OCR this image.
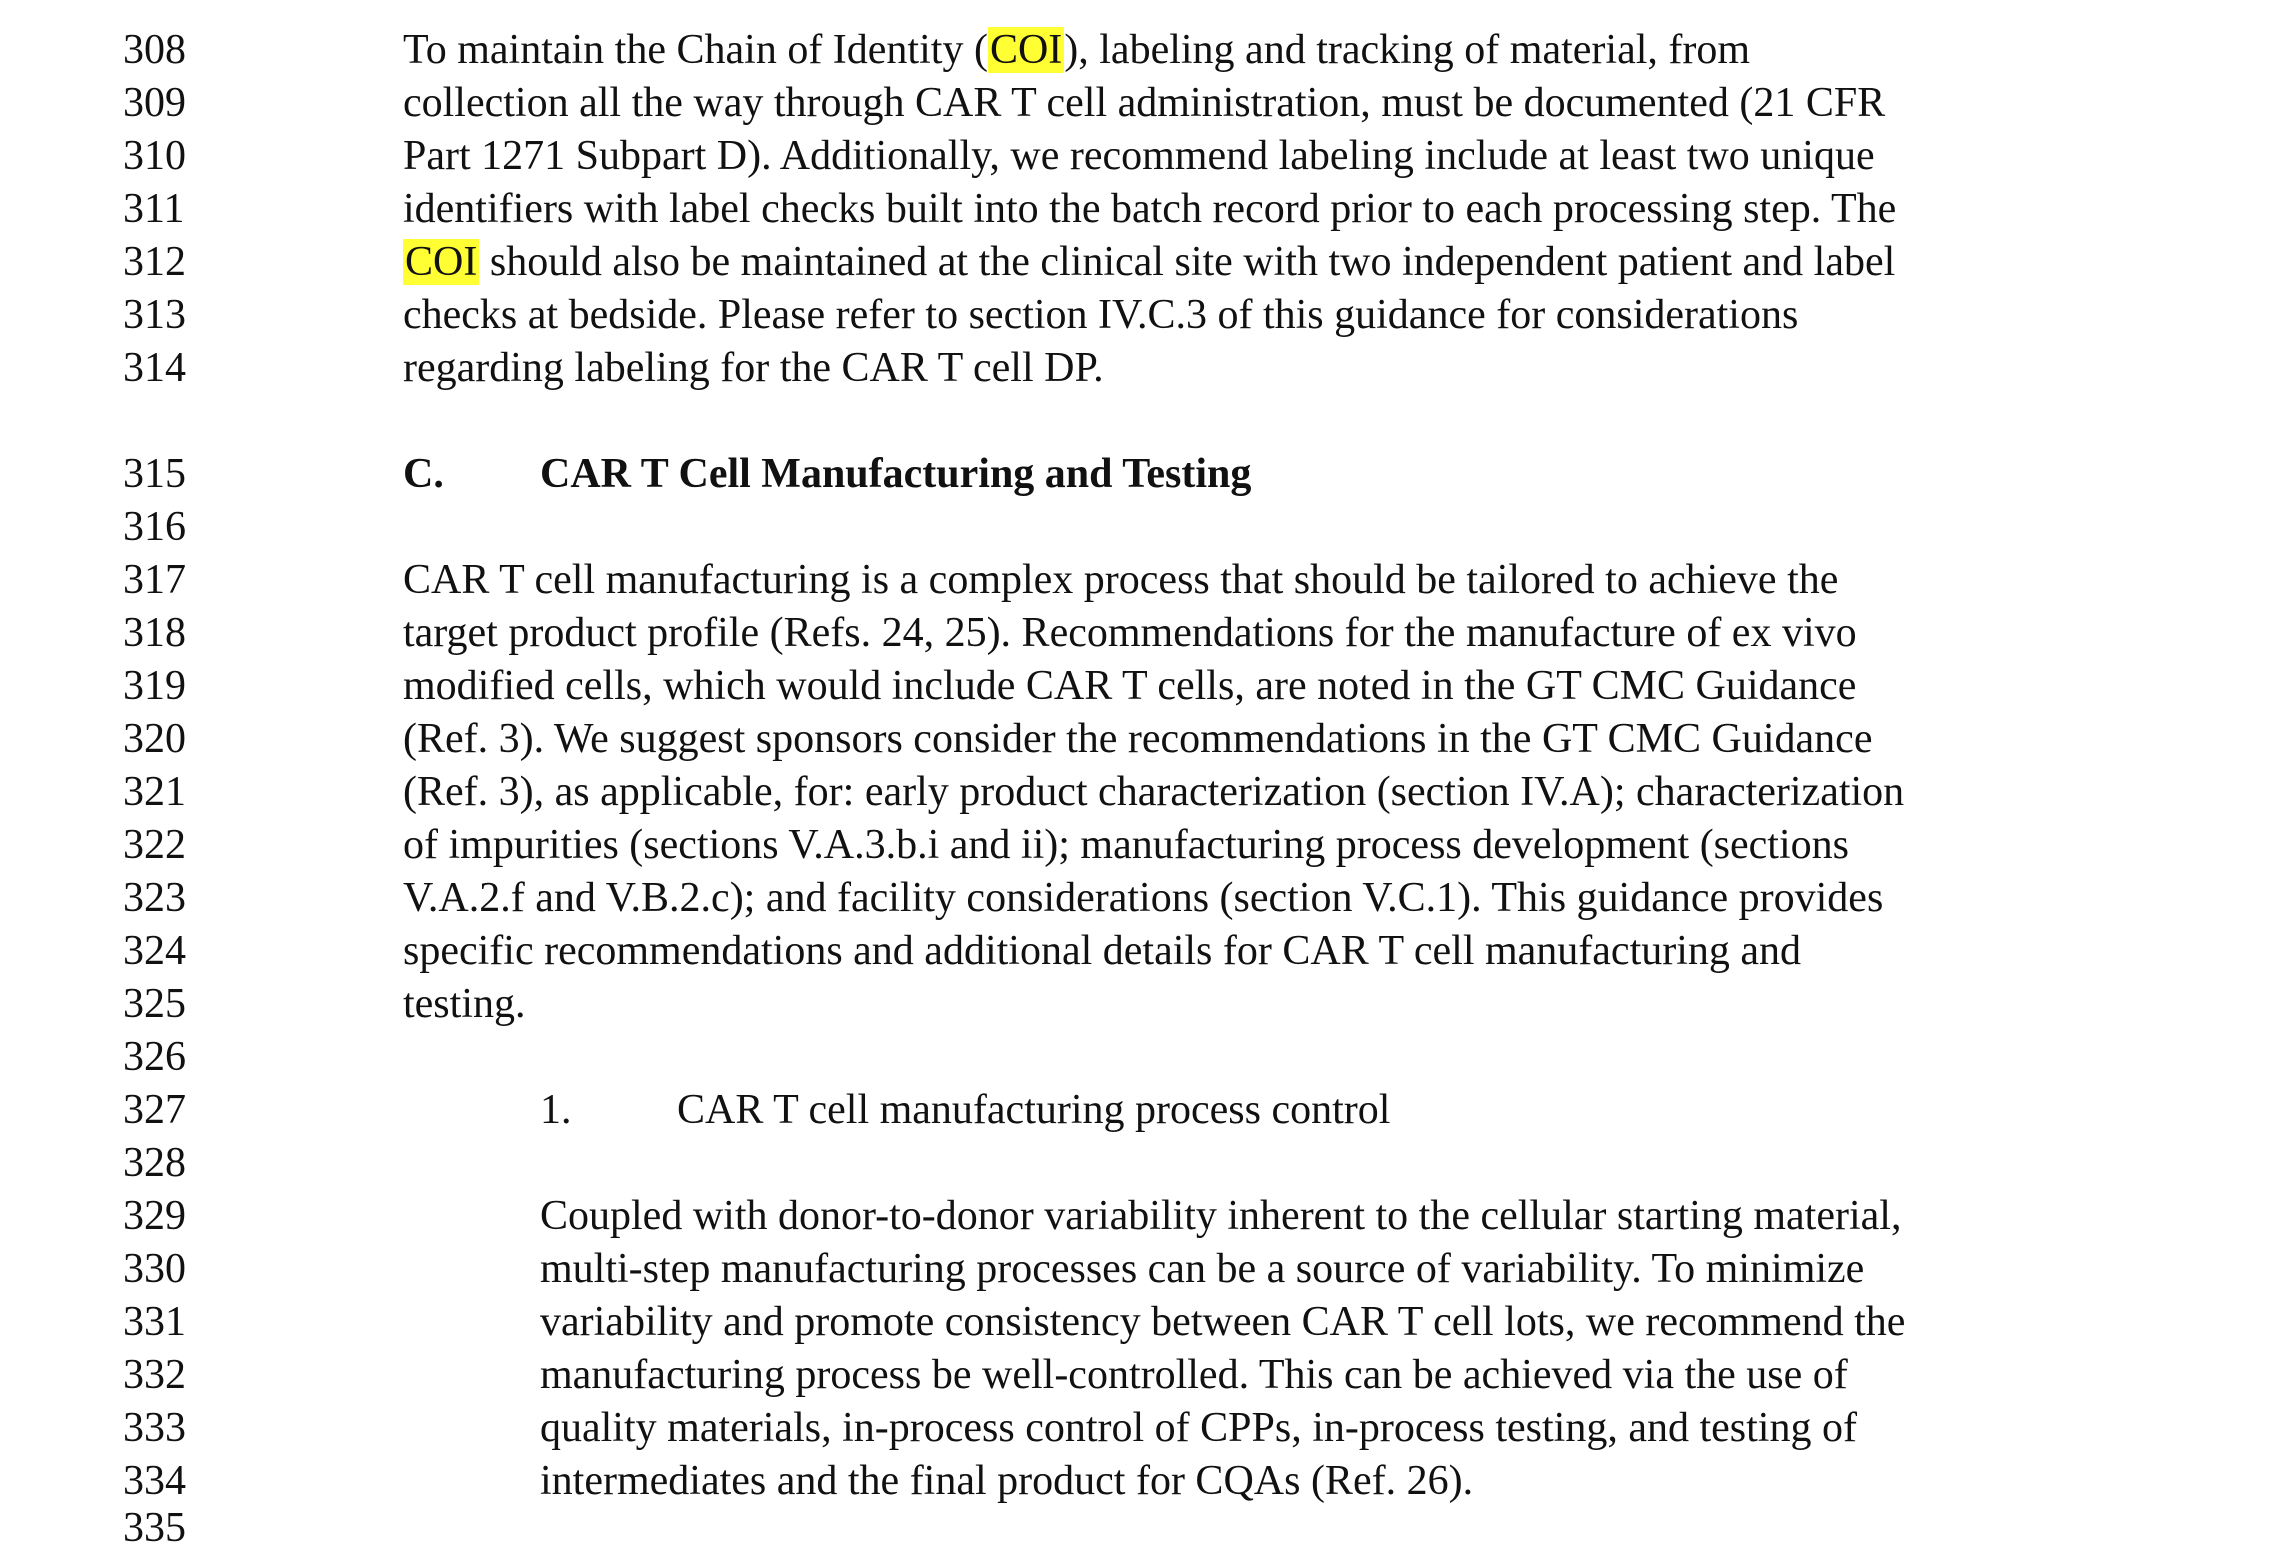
308	To maintain the Chain of Identity (COI), labeling and tracking of material, from
309	collection all the way through CAR T cell administration, must be documented (21 CFR
310	Part 1271 Subpart D). Additionally, we recommend labeling include at least two unique
311	identifiers with label checks built into the batch record prior to each processing step. The
312	COI should also be maintained at the clinical site with two independent patient and label
313	checks at bedside. Please refer to section IV.C.3 of this guidance for considerations
314	regarding labeling for the CAR T cell DP.
315	C. CAR T Cell Manufacturing and Testing
316
317	CAR T cell manufacturing is a complex process that should be tailored to achieve the
318	target product profile (Refs. 24, 25). Recommendations for the manufacture of ex vivo
319	modified cells, which would include CAR T cells, are noted in the GT CMC Guidance
320	(Ref. 3). We suggest sponsors consider the recommendations in the GT CMC Guidance
321	(Ref. 3), as applicable, for: early product characterization (section IV.A); characterization
322	of impurities (sections V.A.3.b.i and ii); manufacturing process development (sections
323	V.A.2.f and V.B.2.c); and facility considerations (section V.C.1). This guidance provides
324	specific recommendations and additional details for CAR T cell manufacturing and
325	testing.
326
327	1.	CAR T cell manufacturing process control
328
329	Coupled with donor-to-donor variability inherent to the cellular starting material,
330	multi-step manufacturing processes can be a source of variability. To minimize
331	variability and promote consistency between CAR T cell lots, we recommend the
332	manufacturing process be well-controlled. This can be achieved via the use of
333	quality materials, in-process control of CPPs, in-process testing, and testing of
334	intermediates and the final product for CQAs (Ref. 26).
335
